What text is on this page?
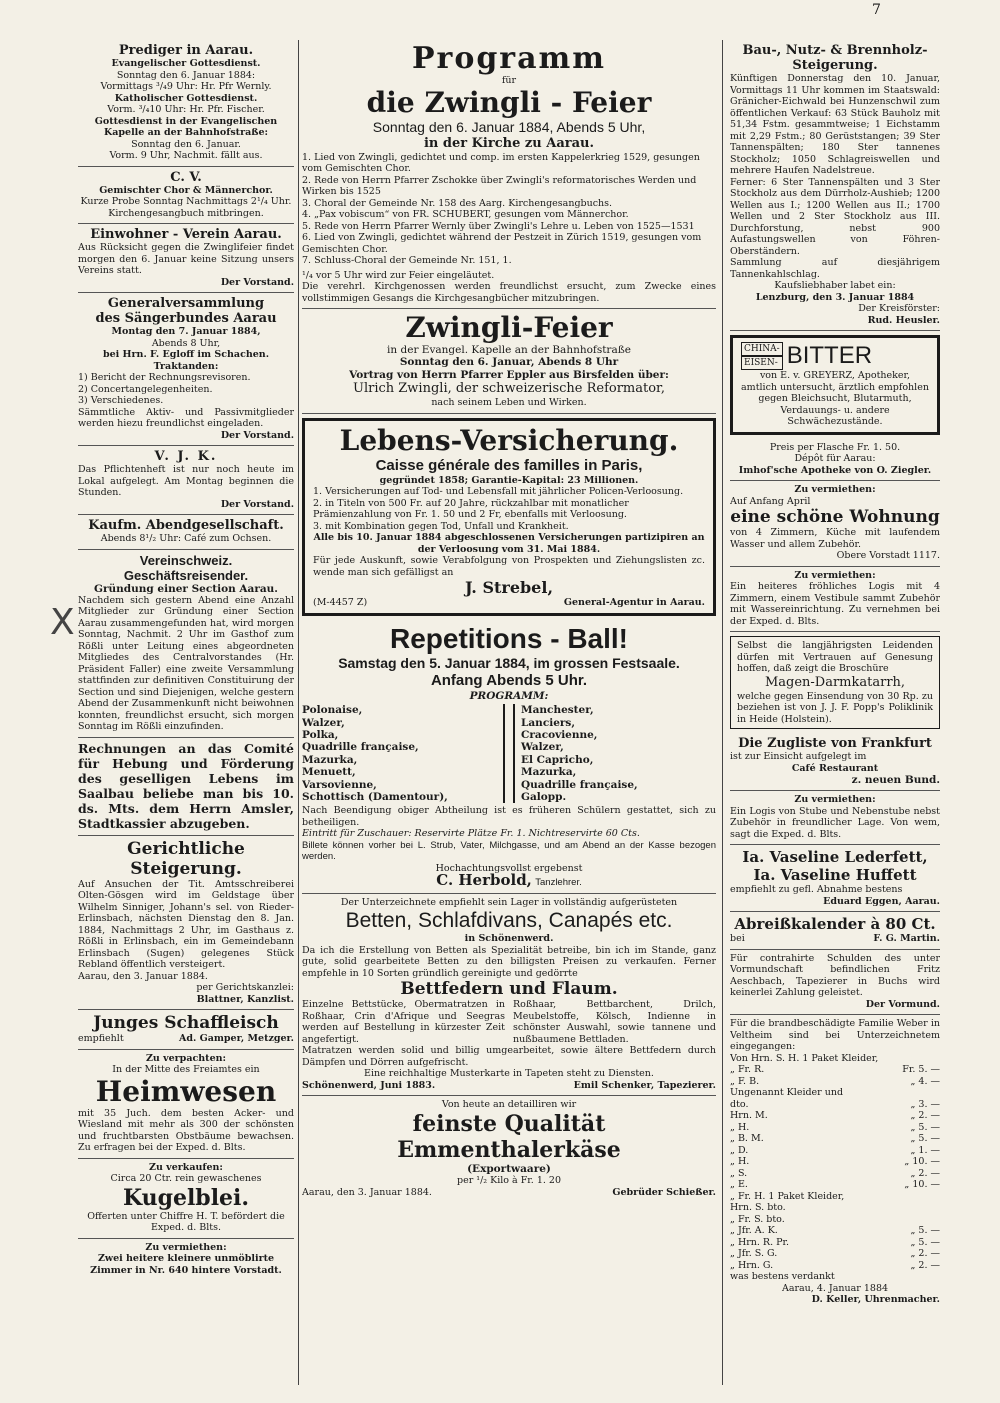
7
X
Prediger in Aarau.
Evangelischer Gottesdienst.
Sonntag den 6. Januar 1884:
Vormittags ³/₄9 Uhr: Hr. Pfr Wernly.
Katholischer Gottesdienst.
Vorm. ³/₄10 Uhr: Hr. Pfr. Fischer.
Gottesdienst in der Evangelischen Kapelle an der Bahnhofstraße:
Sonntag den 6. Januar.
Vorm. 9 Uhr, Nachmit. fällt aus.
C. V.
Gemischter Chor & Männerchor.
Kurze Probe Sonntag Nachmittags 2¹/₄ Uhr.
Kirchengesangbuch mitbringen.
Einwohner - Verein Aarau.
Aus Rücksicht gegen die Zwinglifeier findet morgen den 6. Januar keine Sitzung unsers Vereins statt.
Der Vorstand.
Generalversammlung
des Sängerbundes Aarau
Montag den 7. Januar 1884,
Abends 8 Uhr,
bei Hrn. F. Egloff im Schachen.
Traktanden:
1) Bericht der Rechnungsrevisoren.
2) Concertangelegenheiten.
3) Verschiedenes.
Sämmtliche Aktiv- und Passivmitglieder werden hiezu freundlichst eingeladen.
Der Vorstand.
V. J. K.
Das Pflichtenheft ist nur noch heute im Lokal aufgelegt. Am Montag beginnen die Stunden.
Der Vorstand.
Kaufm. Abendgesellschaft.
Abends 8¹/₂ Uhr: Café zum Ochsen.
Vereinschweiz. Geschäftsreisender.
Gründung einer Section Aarau.
Nachdem sich gestern Abend eine Anzahl Mitglieder zur Gründung einer Section Aarau zusammengefunden hat, wird morgen Sonntag, Nachmit. 2 Uhr im Gasthof zum Rößli unter Leitung eines abgeordneten Mitgliedes des Centralvorstandes (Hr. Präsident Faller) eine zweite Versammlung stattfinden zur definitiven Constituirung der Section und sind Diejenigen, welche gestern Abend der Zusammenkunft nicht beiwohnen konnten, freundlichst ersucht, sich morgen Sonntag im Rößli einzufinden.
Rechnungen an das Comité für Hebung und Förderung des geselligen Lebens im Saalbau beliebe man bis 10. ds. Mts. dem Herrn Amsler, Stadtkassier abzugeben.
Gerichtliche Steigerung.
Auf Ansuchen der Tit. Amtsschreiberei Olten-Gösgen wird im Geldstage über Wilhelm Sinniger, Johann's sel. von Rieder-Erlinsbach, nächsten Dienstag den 8. Jan. 1884, Nachmittags 2 Uhr, im Gasthaus z. Rößli in Erlinsbach, ein im Gemeindebann Erlinsbach (Sugen) gelegenes Stück Rebland öffentlich versteigert.
Aarau, den 3. Januar 1884.
per Gerichtskanzlei:
Blattner, Kanzlist.
Junges Schaffleisch
empfiehlt	Ad. Gamper, Metzger.
Zu verpachten:
In der Mitte des Freiamtes ein
Heimwesen
mit 35 Juch. dem besten Acker- und Wiesland mit mehr als 300 der schönsten und fruchtbarsten Obstbäume bewachsen. Zu erfragen bei der Exped. d. Blts.
Zu verkaufen:
Circa 20 Ctr. rein gewaschenes
Kugelblei.
Offerten unter Chiffre H. T. befördert die Exped. d. Blts.
Zu vermiethen:
Zwei heitere kleinere unmöblirte Zimmer in Nr. 640 hintere Vorstadt.
Programm
für
die Zwingli - Feier
Sonntag den 6. Januar 1884, Abends 5 Uhr,
in der Kirche zu Aarau.
1. Lied von Zwingli, gedichtet und comp. im ersten Kappelerkrieg 1529, gesungen vom Gemischten Chor.
2. Rede von Herrn Pfarrer Zschokke über Zwingli's reformatorisches Werden und Wirken bis 1525
3. Choral der Gemeinde Nr. 158 des Aarg. Kirchengesangbuchs.
4. „Pax vobiscum“ von FR. SCHUBERT, gesungen vom Männerchor.
5. Rede von Herrn Pfarrer Wernly über Zwingli's Lehre u. Leben von 1525—1531
6. Lied von Zwingli, gedichtet während der Pestzeit in Zürich 1519, gesungen vom Gemischten Chor.
7. Schluss-Choral der Gemeinde Nr. 151, 1.
¹/₄ vor 5 Uhr wird zur Feier eingeläutet.
Die verehrl. Kirchgenossen werden freundlichst ersucht, zum Zwecke eines vollstimmigen Gesangs die Kirchgesangbücher mitzubringen.
Zwingli-Feier
in der Evangel. Kapelle an der Bahnhofstraße
Sonntag den 6. Januar, Abends 8 Uhr
Vortrag von Herrn Pfarrer Eppler aus Birsfelden über:
Ulrich Zwingli, der schweizerische Reformator,
nach seinem Leben und Wirken.
Lebens-Versicherung.
Caisse générale des familles in Paris,
gegründet 1858; Garantie-Kapital: 23 Millionen.
1. Versicherungen auf Tod- und Lebensfall mit jährlicher Policen-Verloosung.
2. in Titeln von 500 Fr. auf 20 Jahre, rückzahlbar mit monatlicher Prämienzahlung von Fr. 1. 50 und 2 Fr, ebenfalls mit Verloosung.
3. mit Kombination gegen Tod, Unfall und Krankheit.
Alle bis 10. Januar 1884 abgeschlossenen Versicherungen partizipiren an der Verloosung vom 31. Mai 1884.
Für jede Auskunft, sowie Verabfolgung von Prospekten und Ziehungslisten zc. wende man sich gefälligst an
J. Strebel,
(M-4457 Z)	General-Agentur in Aarau.
Repetitions - Ball!
Samstag den 5. Januar 1884, im grossen Festsaale.
Anfang Abends 5 Uhr.
PROGRAMM:
Polonaise,
Walzer,
Polka,
Quadrille française,
Mazurka,
Menuett,
Varsovienne,
Schottisch (Damentour),
Manchester,
Lanciers,
Cracovienne,
Walzer,
El Capricho,
Mazurka,
Quadrille française,
Galopp.
Nach Beendigung obiger Abtheilung ist es früheren Schülern gestattet, sich zu betheiligen.
Eintritt für Zuschauer: Reservirte Plätze Fr. 1. Nichtreservirte 60 Cts.
Billete können vorher bei L. Strub, Vater, Milchgasse, und am Abend an der Kasse bezogen werden.
Hochachtungsvollst ergebenst
C. Herbold, Tanzlehrer.
Der Unterzeichnete empfiehlt sein Lager in vollständig aufgerüsteten
Betten, Schlafdivans, Canapés etc.
in Schönenwerd.
Da ich die Erstellung von Betten als Spezialität betreibe, bin ich im Stande, ganz gute, solid gearbeitete Betten zu den billigsten Preisen zu verkaufen. Ferner empfehle in 10 Sorten gründlich gereinigte und gedörrte
Bettfedern und Flaum.
Einzelne Bettstücke, Obermatratzen in Roßhaar, Crin d'Afrique und Seegras werden auf Bestellung in kürzester Zeit angefertigt.
Roßhaar, Bettbarchent, Drilch, Meubelstoffe, Kölsch, Indienne in schönster Auswahl, sowie tannene und nußbaumene Bettladen.
Matratzen werden solid und billig umgearbeitet, sowie ältere Bettfedern durch Dämpfen und Dörren aufgefrischt.
Eine reichhaltige Musterkarte in Tapeten steht zu Diensten.
Schönenwerd, Juni 1883.	Emil Schenker, Tapezierer.
Von heute an detailliren wir
feinste Qualität Emmenthalerkäse
(Exportwaare)
per ¹/₂ Kilo à Fr. 1. 20
Aarau, den 3. Januar 1884.	Gebrüder Schießer.
Bau-, Nutz- & Brennholz-Steigerung.
Künftigen Donnerstag den 10. Januar, Vormittags 11 Uhr kommen im Staatswald: Gränicher-Eichwald bei Hunzenschwil zum öffentlichen Verkauf: 63 Stück Bauholz mit 51,34 Fstm. gesammtweise; 1 Eichstamm mit 2,29 Fstm.; 80 Gerüststangen; 39 Ster Tannenspälten; 180 Ster tannenes Stockholz; 1050 Schlagreiswellen und mehrere Haufen Nadelstreue.
Ferner: 6 Ster Tannenspälten und 3 Ster Stockholz aus dem Dürrholz-Aushieb; 1200 Wellen aus I.; 1200 Wellen aus II.; 1700 Wellen und 2 Ster Stockholz aus III. Durchforstung, nebst 900 Aufastungswellen von Föhren-Oberständern.
Sammlung auf diesjährigem Tannenkahlschlag.
Kaufsliebhaber labet ein:
Lenzburg, den 3. Januar 1884
Der Kreisförster:
Rud. Heusler.
CHINA-
EISEN- BITTER
von E. v. GREYERZ, Apotheker,
amtlich untersucht, ärztlich empfohlen gegen Bleichsucht, Blutarmuth, Verdauungs- u. andere Schwächezustände.
Preis per Flasche Fr. 1. 50.
Dépôt für Aarau:
Imhof'sche Apotheke von O. Ziegler.
Zu vermiethen:
Auf Anfang April
eine schöne Wohnung
von 4 Zimmern, Küche mit laufendem Wasser und allem Zubehör.
Obere Vorstadt 1117.
Zu vermiethen:
Ein heiteres fröhliches Logis mit 4 Zimmern, einem Vestibule sammt Zubehör mit Wassereinrichtung. Zu vernehmen bei der Exped. d. Blts.
Selbst die langjährigsten Leidenden dürfen mit Vertrauen auf Genesung hoffen, daß zeigt die Broschüre
Magen-Darmkatarrh,
welche gegen Einsendung von 30 Rp. zu beziehen ist von J. J. F. Popp's Poliklinik in Heide (Holstein).
Die Zugliste von Frankfurt
ist zur Einsicht aufgelegt im
Café Restaurant
z. neuen Bund.
Zu vermiethen:
Ein Logis von Stube und Nebenstube nebst Zubehör in freundlicher Lage. Von wem, sagt die Exped. d. Blts.
Ia. Vaseline Lederfett,
Ia. Vaseline Huffett
empfiehlt zu gefl. Abnahme bestens
Eduard Eggen, Aarau.
Abreißkalender à 80 Ct.
bei	F. G. Martin.
Für contrahirte Schulden des unter Vormundschaft befindlichen Fritz Aeschbach, Tapezierer in Buchs wird keinerlei Zahlung geleistet.
Der Vormund.
Für die brandbeschädigte Familie Weber in Veltheim sind bei Unterzeichnetem eingegangen:
Von Hrn. S. H. 1 Paket Kleider,
„ Fr. R.	Fr. 5. —
„ F. B.	„ 4. —
Ungenannt Kleider und
dto.	„ 3. —
Hrn. M.	„ 2. —
„ H.	„ 5. —
„ B. M.	„ 5. —
„ D.	„ 1. —
„ H.	„ 10. —
„ S.	„ 2. —
„ E.	„ 10. —
„ Fr. H. 1 Paket Kleider,
Hrn. S. bto.
„ Fr. S. bto.
„ Jfr. A. K.	„ 5. —
„ Hrn. R. Pr.	„ 5. —
„ Jfr. S. G.	„ 2. —
„ Hrn. G.	„ 2. —
was bestens verdankt
Aarau, 4. Januar 1884
D. Keller, Uhrenmacher.
